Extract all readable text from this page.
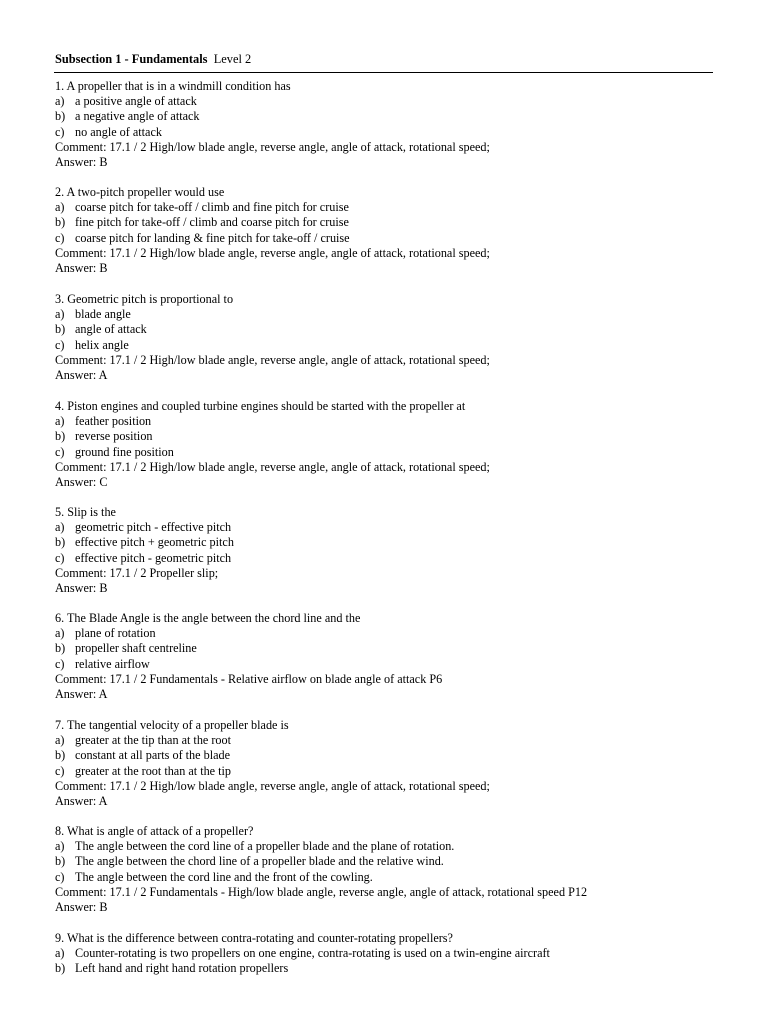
Subsection 1 - Fundamentals Level 2
1. A propeller that is in a windmill condition has
a) a positive angle of attack
b) a negative angle of attack
c) no angle of attack
Comment: 17.1 / 2 High/low blade angle, reverse angle, angle of attack, rotational speed;
Answer: B
2. A two-pitch propeller would use
a) coarse pitch for take-off / climb and fine pitch for cruise
b) fine pitch for take-off / climb and coarse pitch for cruise
c) coarse pitch for landing & fine pitch for take-off / cruise
Comment: 17.1 / 2 High/low blade angle, reverse angle, angle of attack, rotational speed;
Answer: B
3. Geometric pitch is proportional to
a) blade angle
b) angle of attack
c) helix angle
Comment: 17.1 / 2 High/low blade angle, reverse angle, angle of attack, rotational speed;
Answer: A
4. Piston engines and coupled turbine engines should be started with the propeller at
a) feather position
b) reverse position
c) ground fine position
Comment: 17.1 / 2 High/low blade angle, reverse angle, angle of attack, rotational speed;
Answer: C
5. Slip is the
a) geometric pitch - effective pitch
b) effective pitch + geometric pitch
c) effective pitch - geometric pitch
Comment: 17.1 / 2 Propeller slip;
Answer: B
6. The Blade Angle is the angle between the chord line and the
a) plane of rotation
b) propeller shaft centreline
c) relative airflow
Comment: 17.1 / 2 Fundamentals - Relative airflow on blade angle of attack P6
Answer: A
7. The tangential velocity of a propeller blade is
a) greater at the tip than at the root
b) constant at all parts of the blade
c) greater at the root than at the tip
Comment: 17.1 / 2 High/low blade angle, reverse angle, angle of attack, rotational speed;
Answer: A
8. What is angle of attack of a propeller?
a) The angle between the cord line of a propeller blade and the plane of rotation.
b) The angle between the chord line of a propeller blade and the relative wind.
c) The angle between the cord line and the front of the cowling.
Comment: 17.1 / 2 Fundamentals - High/low blade angle, reverse angle, angle of attack, rotational speed P12
Answer: B
9. What is the difference between contra-rotating and counter-rotating propellers?
a) Counter-rotating is two propellers on one engine, contra-rotating is used on a twin-engine aircraft
b) Left hand and right hand rotation propellers
